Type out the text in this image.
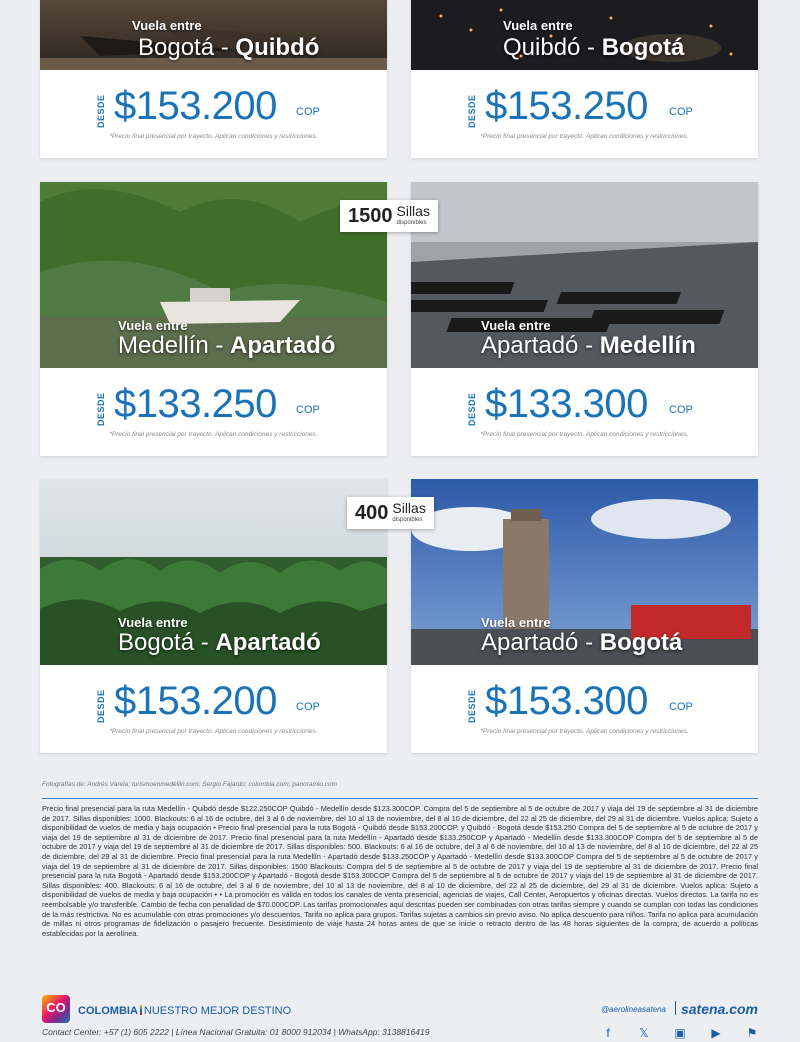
Vuela entre
Bogotá - Quibdó
DESDE $153.200 COP
*Precio final presencial por trayecto. Aplican condiciones y restricciones.
Vuela entre
Quibdó - Bogotá
DESDE $153.250 COP
*Precio final presencial por trayecto. Aplican condiciones y restricciones.
Vuela entre
Medellín - Apartadó
DESDE $133.250 COP
*Precio final presencial por trayecto. Aplican condiciones y restricciones.
Vuela entre
Apartadó - Medellín
DESDE $133.300 COP
*Precio final presencial por trayecto. Aplican condiciones y restricciones.
Vuela entre
Bogotá - Apartadó
DESDE $153.200 COP
*Precio final presencial por trayecto. Aplican condiciones y restricciones.
Vuela entre
Apartadó - Bogotá
DESDE $153.300 COP
*Precio final presencial por trayecto. Aplican condiciones y restricciones.
1500 Sillas
disponibles
400 Sillas
disponibles
Fotografías de: Andrés Varela; turismoenmedellin.com; Sergio Fajardo; colombia.com; panoramio.com
Precio final presencial para la ruta Medellín - Quibdó desde $122.250COP Quibdó - Medellín desde $123.300COP. Compra del 5 de septiembre al 5 de octubre de 2017 y viaja del 19 de septiembre al 31 de diciembre de 2017. Sillas disponibles: 1000. Blackouts: 6 al 16 de octubre, del 3 al 6 de noviembre, del 10 al 13 de noviembre, del 8 al 10 de diciembre, del 22 al 25 de diciembre, del 29 al 31 de diciembre. Vuelos aplica: Sujeto a disponibilidad de vuelos de media y baja ocupación • Precio final presencial para la ruta Bogotá - Quibdó desde $153.200COP. y Quibdó - Bogotá desde $153.250 Compra del 5 de septiembre al 5 de octubre de 2017 y viaja del 19 de septiembre al 31 de diciembre de 2017. Precio final presencial para la ruta Medellín - Apartadó desde $133.250COP y Apartadó - Medellín desde $133.300COP Compra del 5 de septiembre al 5 de octubre de 2017 y viaja del 19 de septiembre al 31 de diciembre de 2017. Sillas disponibles: 500. Blackouts: 6 al 16 de octubre, del 3 al 6 de noviembre, del 10 al 13 de noviembre, del 8 al 10 de diciembre, del 22 al 25 de diciembre, del 29 al 31 de diciembre. Precio final presencial para la ruta Medellín - Apartadó desde $133.250COP y Apartadó - Medellín desde $133.300COP Compra del 5 de septiembre al 5 de octubre de 2017 y viaja del 19 de septiembre al 31 de diciembre de 2017. Sillas disponibles: 1500 Blackouts: Compra del 5 de septiembre al 5 de octubre de 2017 y viaja del 19 de septiembre al 31 de diciembre de 2017. Precio final presencial para la ruta Bogotá - Apartadó desde $153.200COP y Apartadó - Bogotá desde $153.300COP Compra del 5 de septiembre al 5 de octubre de 2017 y viaja del 19 de septiembre al 31 de diciembre de 2017. Sillas disponibles: 400. Blackouts: 6 al 16 de octubre, del 3 al 6 de noviembre, del 10 al 13 de noviembre, del 8 al 10 de diciembre, del 22 al 25 de diciembre, del 29 al 31 de diciembre. Vuelos aplica: Sujeto a disponibilidad de vuelos de media y baja ocupación • • La promoción es válida en todos los canales de venta presencial, agencias de viajes, Call Center, Aeropuertos y oficinas directas. Vuelos directos. La tarifa no es reembolsable y/o transferible. Cambio de fecha con penalidad de $70.000COP. Las tarifas promocionales aquí descritas pueden ser combinadas con otras tarifas siempre y cuando se cumplan con todas las condiciones de la más restrictiva. No es acumulable con otras promociones y/o descuentos. Tarifa no aplica para grupos. Tarifas sujetas a cambios sin previo aviso. No aplica descuento para niños. Tarifa no aplica para acumulación de millas ni otros programas de fidelización o pasajero frecuente. Desistimiento de viaje hasta 24 horas antes de que se inicie o retracto dentro de las 48 horas siguientes de la compra; de acuerdo a políticas establecidas por la aerolínea.
CO	COLOMBIA NUESTRO MEJOR DESTINO
Contact Center: +57 (1) 605 2222 | Línea Nacional Gratuita: 01 8000 912034 | WhatsApp: 3138816419
@aerolineasatena satena.com
f	𝕏 ▣ ▶ ⚑
